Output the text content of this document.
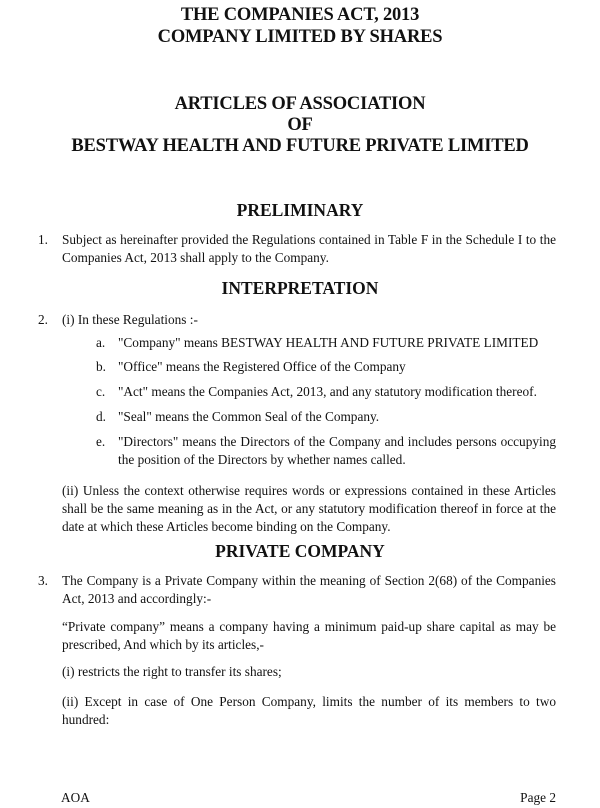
THE COMPANIES ACT, 2013
COMPANY LIMITED BY SHARES
ARTICLES OF ASSOCIATION
OF
BESTWAY HEALTH AND FUTURE PRIVATE LIMITED
PRELIMINARY
1. Subject as hereinafter provided the Regulations contained in Table F in the Schedule I to the Companies Act, 2013 shall apply to the Company.
INTERPRETATION
2. (i) In these Regulations :-
a. "Company" means BESTWAY HEALTH AND FUTURE PRIVATE LIMITED
b. "Office" means the Registered Office of the Company
c. "Act" means the Companies Act, 2013, and any statutory modification thereof.
d. "Seal" means the Common Seal of the Company.
e. "Directors" means the Directors of the Company and includes persons occupying the position of the Directors by whether names called.
(ii) Unless the context otherwise requires words or expressions contained in these Articles shall be the same meaning as in the Act, or any statutory modification thereof in force at the date at which these Articles become binding on the Company.
PRIVATE COMPANY
3. The Company is a Private Company within the meaning of Section 2(68) of the Companies Act, 2013 and accordingly:-
“Private company” means a company having a minimum paid-up share capital as may be prescribed, And which by its articles,-
(i) restricts the right to transfer its shares;
(ii) Except in case of One Person Company, limits the number of its members to two hundred:
AOA	Page 2
